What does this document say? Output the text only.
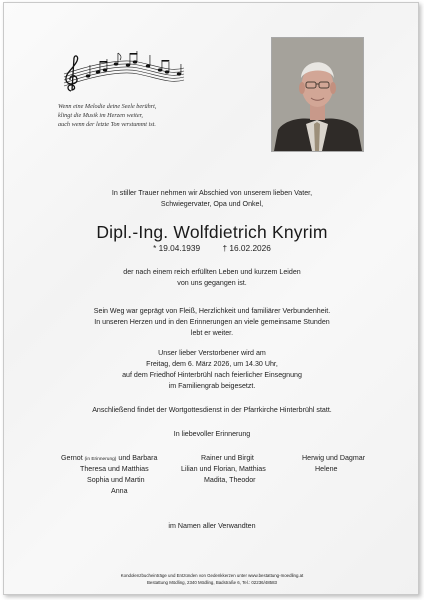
Wenn eine Melodie deine Seele berührt,
klingt die Musik im Herzen weiter,
auch wenn der letzte Ton verstummt ist.
In stiller Trauer nehmen wir Abschied von unserem lieben Vater,
Schwiegervater, Opa und Onkel,
Dipl.-Ing. Wolfdietrich Knyrim
* 19.04.1939	† 16.02.2026
der nach einem reich erfüllten Leben und kurzem Leiden
von uns gegangen ist.
Sein Weg war geprägt von Fleiß, Herzlichkeit und familiärer Verbundenheit.
In unseren Herzen und in den Erinnerungen an viele gemeinsame Stunden
lebt er weiter.
Unser lieber Verstorbener wird am
Freitag, dem 6. März 2026, um 14.30 Uhr,
auf dem Friedhof Hinterbrühl nach feierlicher Einsegnung
im Familiengrab beigesetzt.
Anschließend findet der Wortgottesdienst in der Pfarrkirche Hinterbrühl statt.
In liebevoller Erinnerung
Gernot (in Erinnerung) und Barbara	Rainer und Birgit	Herwig und Dagmar
Theresa und Matthias	Lilian und Florian, Matthias	Helene
Sophia und Martin	Madita, Theodor
Anna
im Namen aller Verwandten
Kondolenzbucheinträge und Entzünden von Gedenkkerzen unter www.bestattung-moedling.at
Bestattung Mödling, 2340 Mödling, Badstraße 6, Tel.: 02236/48583
